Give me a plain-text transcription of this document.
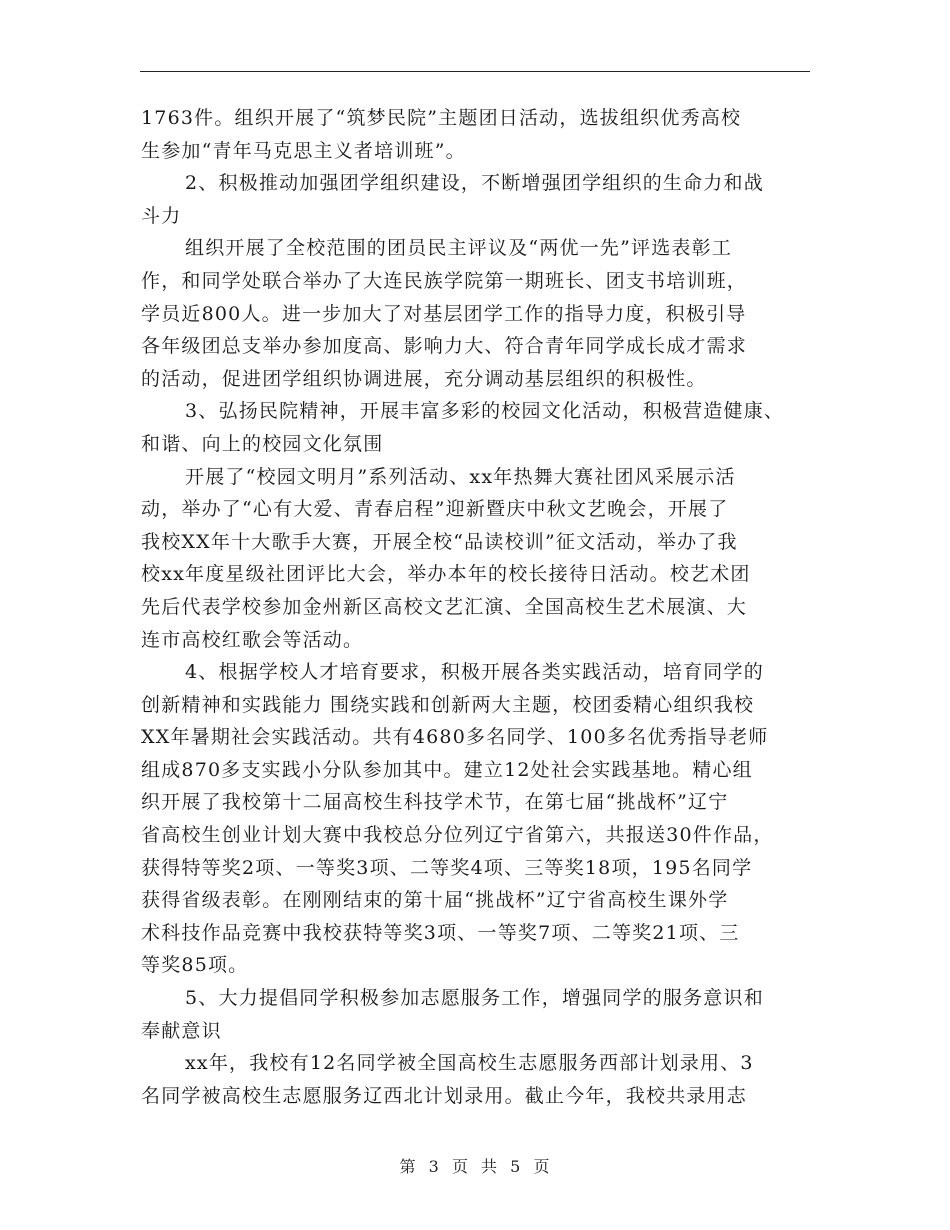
1763件。组织开展了“筑梦民院”主题团日活动，选拔组织优秀高校
生参加“青年马克思主义者培训班”。
2、积极推动加强团学组织建设，不断增强团学组织的生命力和战
斗力
组织开展了全校范围的团员民主评议及“两优一先”评选表彰工
作，和同学处联合举办了大连民族学院第一期班长、团支书培训班，
学员近800人。进一步加大了对基层团学工作的指导力度，积极引导
各年级团总支举办参加度高、影响力大、符合青年同学成长成才需求
的活动，促进团学组织协调进展，充分调动基层组织的积极性。
3、弘扬民院精神，开展丰富多彩的校园文化活动，积极营造健康、
和谐、向上的校园文化氛围
开展了“校园文明月”系列活动、xx年热舞大赛社团风采展示活
动，举办了“心有大爱、青春启程”迎新暨庆中秋文艺晚会，开展了
我校XX年十大歌手大赛，开展全校“品读校训”征文活动，举办了我
校xx年度星级社团评比大会，举办本年的校长接待日活动。校艺术团
先后代表学校参加金州新区高校文艺汇演、全国高校生艺术展演、大
连市高校红歌会等活动。
4、根据学校人才培育要求，积极开展各类实践活动，培育同学的
创新精神和实践能力 围绕实践和创新两大主题，校团委精心组织我校
XX年暑期社会实践活动。共有4680多名同学、100多名优秀指导老师
组成870多支实践小分队参加其中。建立12处社会实践基地。精心组
织开展了我校第十二届高校生科技学术节，在第七届“挑战杯”辽宁
省高校生创业计划大赛中我校总分位列辽宁省第六，共报送30件作品，
获得特等奖2项、一等奖3项、二等奖4项、三等奖18项，195名同学
获得省级表彰。在刚刚结束的第十届“挑战杯”辽宁省高校生课外学
术科技作品竞赛中我校获特等奖3项、一等奖7项、二等奖21项、三
等奖85项。
5、大力提倡同学积极参加志愿服务工作，增强同学的服务意识和
奉献意识
xx年，我校有12名同学被全国高校生志愿服务西部计划录用、3
名同学被高校生志愿服务辽西北计划录用。截止今年，我校共录用志
第 3 页 共 5 页
